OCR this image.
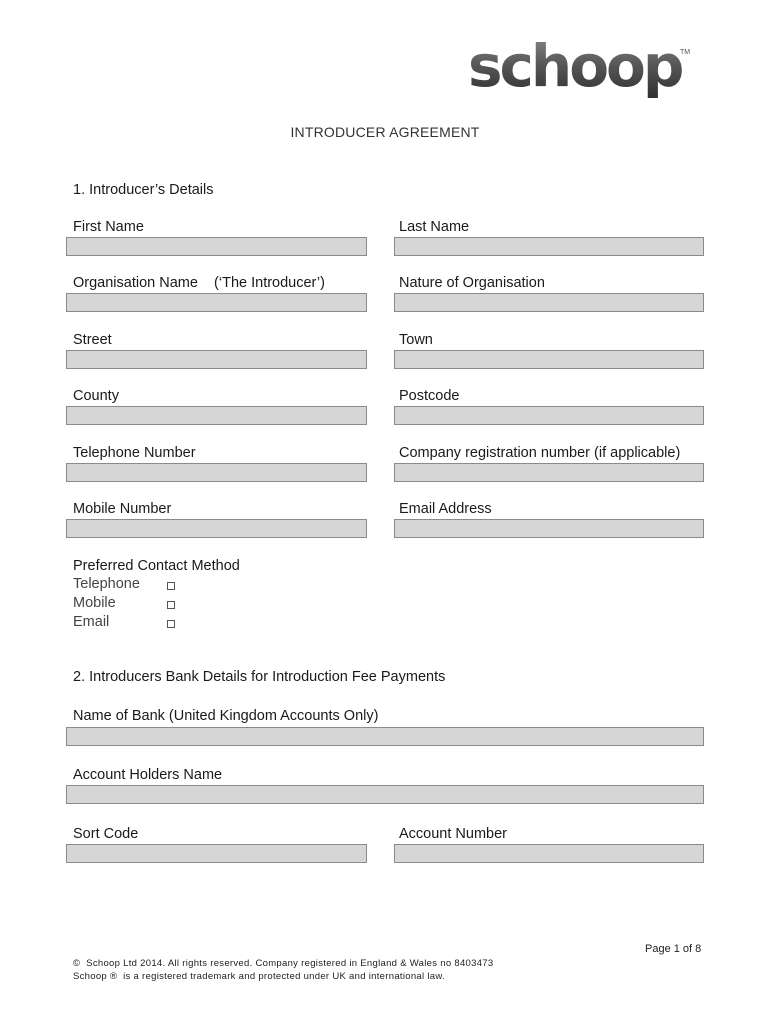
schoop
TM
INTRODUCER AGREEMENT
1. Introducer’s Details
First Name	Last Name
Organisation Name    (‘The Introducer’)	Nature of Organisation
Street	Town
County	Postcode
Telephone Number	Company registration number (if applicable)
Mobile Number	Email Address
Preferred Contact Method
Telephone
Mobile
Email
2. Introducers Bank Details for Introduction Fee Payments
Name of Bank (United Kingdom Accounts Only)
Account Holders Name
Sort Code	Account Number
Page 1 of 8
©  Schoop Ltd 2014. All rights reserved. Company registered in England & Wales no 8403473
Schoop ®  is a registered trademark and protected under UK and international law.
